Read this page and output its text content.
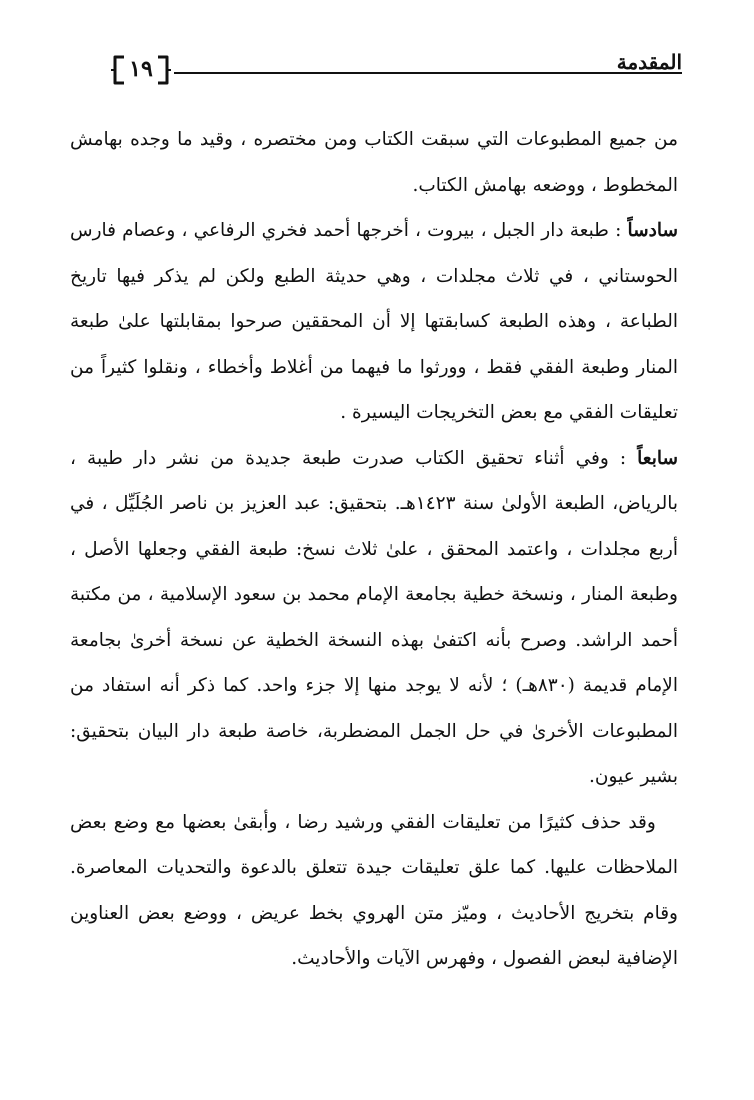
المقدمة
١٩

من جميع المطبوعات التي سبقت الكتاب ومن مختصره ، وقيد ما وجده بهامش المخطوط ، ووضعه بهامش الكتاب.

سادساً : طبعة دار الجبل ، بيروت ، أخرجها أحمد فخري الرفاعي ، وعصام فارس الحوستاني ، في ثلاث مجلدات ، وهي حديثة الطبع ولكن لم يذكر فيها تاريخ الطباعة ، وهذه الطبعة كسابقتها إلا أن المحققين صرحوا بمقابلتها علىٰ طبعة المنار وطبعة الفقي فقط ، وورثوا ما فيهما من أغلاط وأخطاء ، ونقلوا كثيراً من تعليقات الفقي مع بعض التخريجات اليسيرة .

سابعاً : وفي أثناء تحقيق الكتاب صدرت طبعة جديدة من نشر دار طيبة ، بالرياض، الطبعة الأولىٰ سنة ١٤٢٣هـ. بتحقيق: عبد العزيز بن ناصر الجُلَيِّل ، في أربع مجلدات ، واعتمد المحقق ، علىٰ ثلاث نسخ: طبعة الفقي وجعلها الأصل ، وطبعة المنار ، ونسخة خطية بجامعة الإمام محمد بن سعود الإسلامية ، من مكتبة أحمد الراشد. وصرح بأنه اكتفىٰ بهذه النسخة الخطية عن نسخة أخرىٰ بجامعة الإمام قديمة (٨٣٠هـ) ؛ لأنه لا يوجد منها إلا جزء واحد. كما ذكر أنه استفاد من المطبوعات الأخرىٰ في حل الجمل المضطربة، خاصة طبعة دار البيان بتحقيق: بشير عيون.

وقد حذف كثيرًا من تعليقات الفقي ورشيد رضا ، وأبقىٰ بعضها مع وضع بعض الملاحظات عليها. كما علق تعليقات جيدة تتعلق بالدعوة والتحديات المعاصرة. وقام بتخريج الأحاديث ، وميّز متن الهروي بخط عريض ، ووضع بعض العناوين الإضافية لبعض الفصول ، وفهرس الآيات والأحاديث.
